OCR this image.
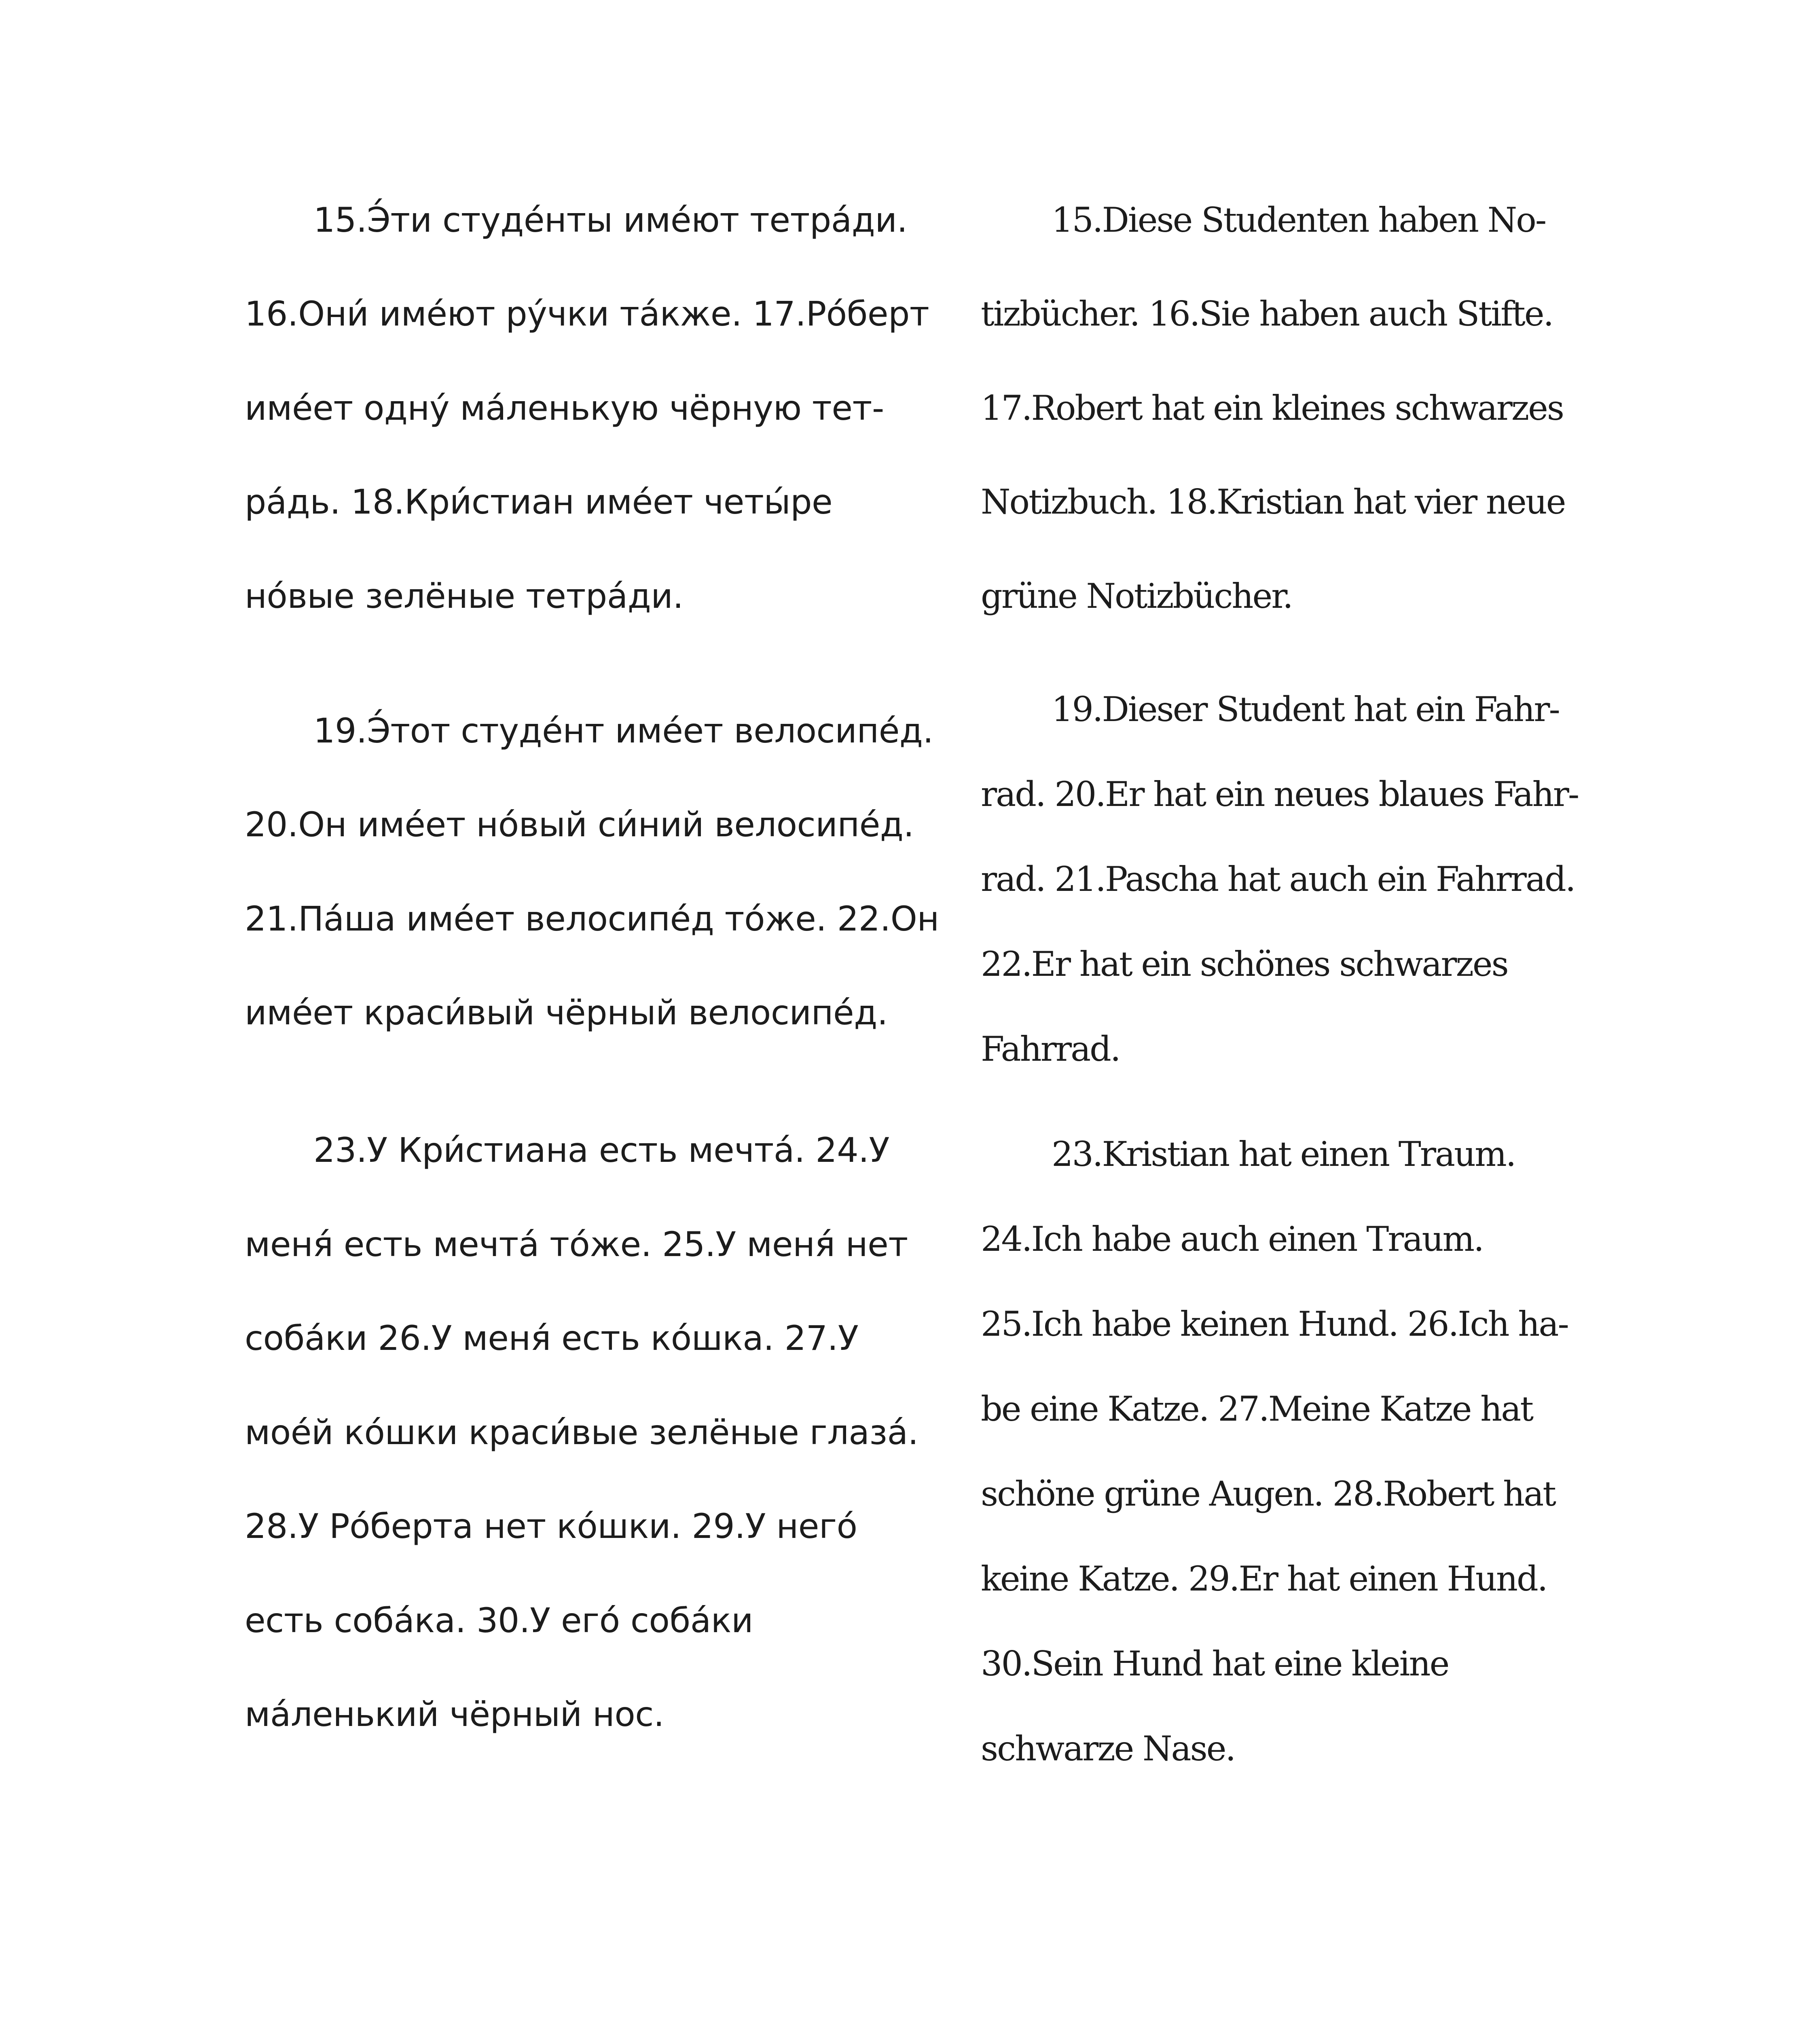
15.Э́ти студе́нты име́ют тетра́ди.

16.Они́ име́ют ру́чки та́кже. 17.Ро́берт

име́ет одну́ ма́ленькую чёрную тет-

ра́дь. 18.Кри́стиан име́ет четы́ре

но́вые зелёные тетра́ди.

19.Э́тот студе́нт име́ет велосипе́д.

20.Он име́ет но́вый си́ний велосипе́д.

21.Па́ша име́ет велосипе́д то́же. 22.Он

име́ет краси́вый чёрный велосипе́д.

23.У Кри́стиана есть мечта́. 24.У

меня́ есть мечта́ то́же. 25.У меня́ нет

соба́ки 26.У меня́ есть ко́шка. 27.У

мое́й ко́шки краси́вые зелёные глаза́.

28.У Ро́берта нет ко́шки. 29.У него́

есть соба́ка. 30.У его́ соба́ки

ма́ленький чёрный нос.

15.Diese Studenten haben No-

tizbücher. 16.Sie haben auch Stifte.

17.Robert hat ein kleines schwarzes

Notizbuch. 18.Kristian hat vier neue

grüne Notizbücher.

19.Dieser Student hat ein Fahr-

rad. 20.Er hat ein neues blaues Fahr-

rad. 21.Pascha hat auch ein Fahrrad.

22.Er hat ein schönes schwarzes

Fahrrad.

23.Kristian hat einen Traum.

24.Ich habe auch einen Traum.

25.Ich habe keinen Hund. 26.Ich ha-

be eine Katze. 27.Meine Katze hat

schöne grüne Augen. 28.Robert hat

keine Katze. 29.Er hat einen Hund.

30.Sein Hund hat eine kleine

schwarze Nase.
